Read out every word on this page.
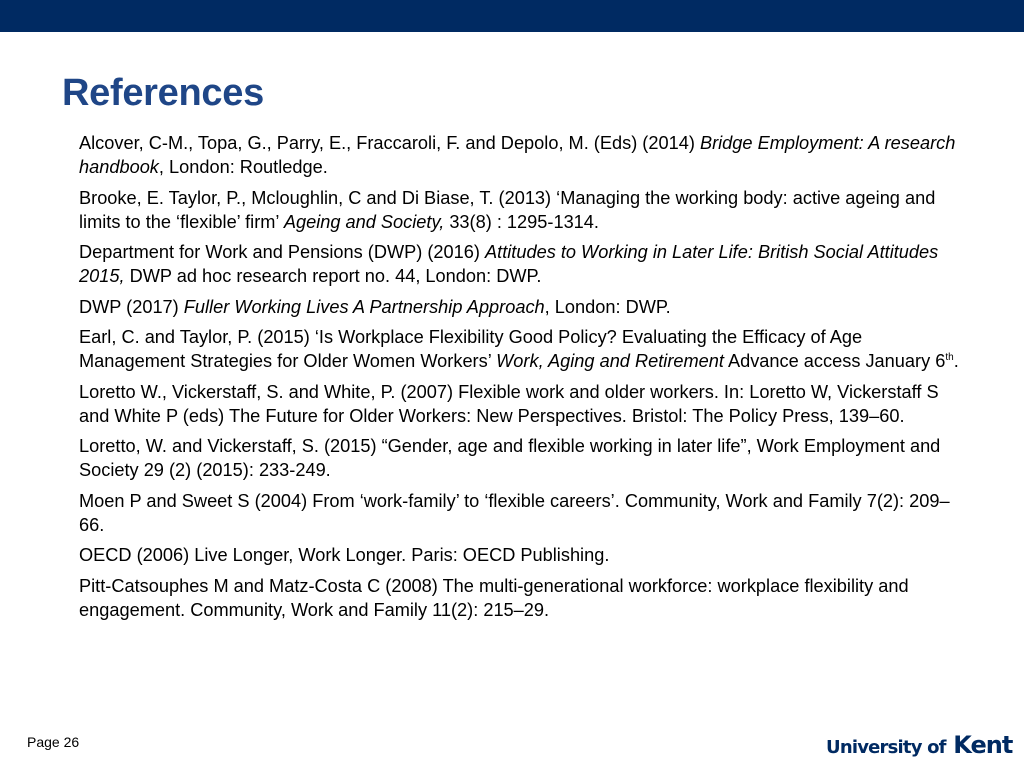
References
Alcover, C-M., Topa, G., Parry, E., Fraccaroli, F. and Depolo, M. (Eds) (2014) Bridge Employment: A research handbook, London: Routledge.
Brooke, E. Taylor, P., Mcloughlin, C and Di Biase, T. (2013) ‘Managing the working body: active ageing and limits to the ‘flexible’ firm’ Ageing and Society, 33(8) : 1295-1314.
Department for Work and Pensions (DWP) (2016) Attitudes to Working in Later Life: British Social Attitudes 2015, DWP ad hoc research report no. 44, London: DWP.
DWP (2017) Fuller Working Lives A Partnership Approach, London: DWP.
Earl, C. and Taylor, P. (2015) ‘Is Workplace Flexibility Good Policy? Evaluating the Efficacy of Age Management Strategies for Older Women Workers’ Work, Aging and Retirement Advance access January 6th.
Loretto W., Vickerstaff, S. and White, P. (2007) Flexible work and older workers. In: Loretto W, Vickerstaff S and White P (eds) The Future for Older Workers: New Perspectives. Bristol: The Policy Press, 139–60.
Loretto, W. and Vickerstaff, S. (2015) “Gender, age and flexible working in later life”, Work Employment and Society 29 (2) (2015): 233-249.
Moen P and Sweet S (2004) From ‘work-family’ to ‘flexible careers’. Community, Work and Family 7(2): 209–66.
OECD (2006) Live Longer, Work Longer. Paris: OECD Publishing.
Pitt-Catsouphes M and Matz-Costa C (2008) The multi-generational workforce: workplace flexibility and engagement. Community, Work and Family 11(2): 215–29.
Page 26	University of Kent
